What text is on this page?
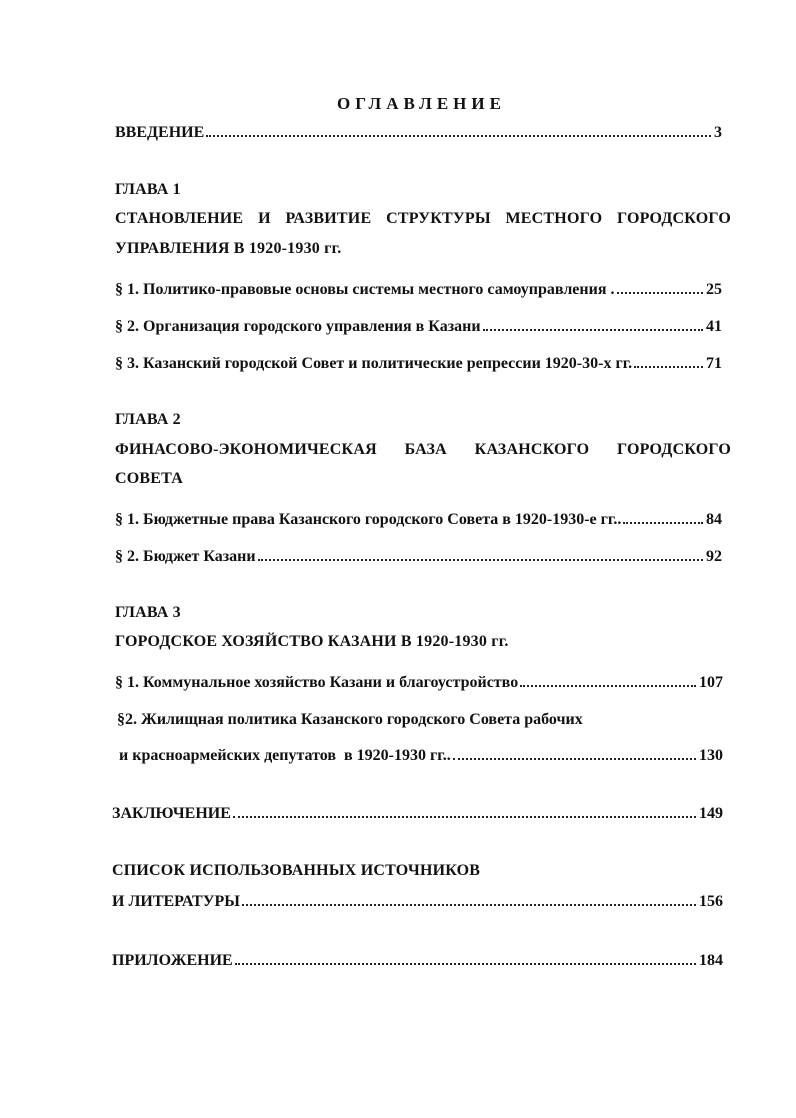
ОГЛАВЛЕНИЕ
ВВЕДЕНИЕ	3
ГЛАВА 1
СТАНОВЛЕНИЕ И РАЗВИТИЕ СТРУКТУРЫ МЕСТНОГО ГОРОДСКОГО
УПРАВЛЕНИЯ В 1920-1930 гг.
§ 1. Политико-правовые основы системы местного самоуправления .	25
§ 2. Организация городского управления в Казани	41
§ 3. Казанский городской Совет и политические репрессии 1920-30-х гг.	71
ГЛАВА 2
ФИНАСОВО-ЭКОНОМИЧЕСКАЯ БАЗА КАЗАНСКОГО ГОРОДСКОГО
СОВЕТА
§ 1. Бюджетные права Казанского городского Совета в 1920-1930-е гг..	84
§ 2. Бюджет Казани	92
ГЛАВА 3
ГОРОДСКОЕ ХОЗЯЙСТВО КАЗАНИ В 1920-1930 гг.
§ 1. Коммунальное хозяйство Казани и благоустройство	107
§2. Жилищная политика Казанского городского Совета рабочих
и красноармейских депутатов  в 1920-1930 гг..	130
ЗАКЛЮЧЕНИЕ	149
СПИСОК ИСПОЛЬЗОВАННЫХ ИСТОЧНИКОВ
И ЛИТЕРАТУРЫ	156
ПРИЛОЖЕНИЕ	184
